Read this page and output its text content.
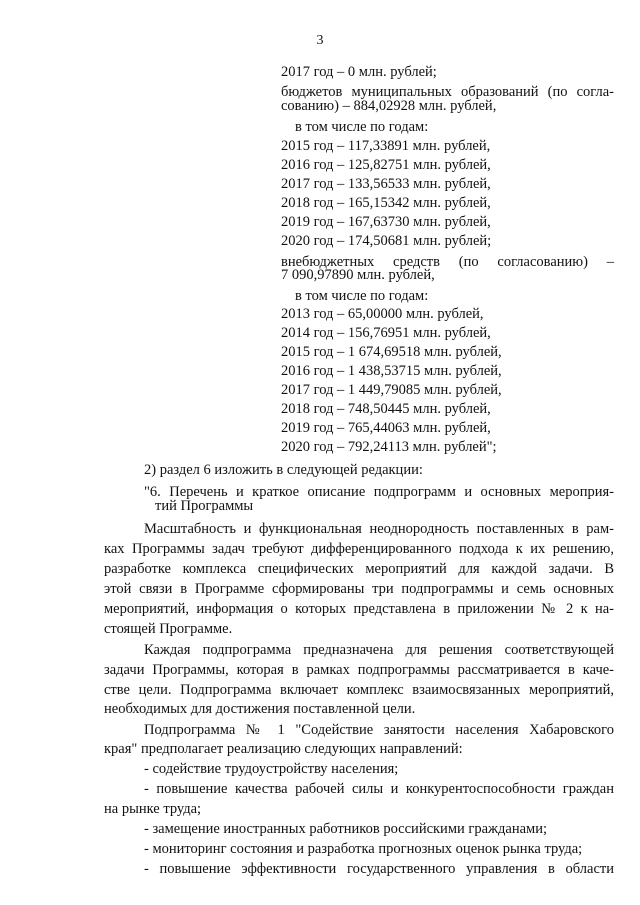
3
2017 год – 0 млн. рублей;
бюджетов муниципальных образований (по согла-
сованию) – 884,02928 млн. рублей,
в том числе по годам:
2015 год – 117,33891 млн. рублей,
2016 год – 125,82751 млн. рублей,
2017 год – 133,56533 млн. рублей,
2018 год – 165,15342 млн. рублей,
2019 год – 167,63730 млн. рублей,
2020 год – 174,50681 млн. рублей;
внебюджетных средств (по согласованию) –
7 090,97890 млн. рублей,
в том числе по годам:
2013 год – 65,00000 млн. рублей,
2014 год – 156,76951 млн. рублей,
2015 год – 1 674,69518 млн. рублей,
2016 год – 1 438,53715 млн. рублей,
2017 год – 1 449,79085 млн. рублей,
2018 год – 748,50445 млн. рублей,
2019 год – 765,44063 млн. рублей,
2020 год – 792,24113 млн. рублей";
2) раздел 6 изложить в следующей редакции:
"6. Перечень и краткое описание подпрограмм и основных мероприя-
тий Программы
Масштабность и функциональная неоднородность поставленных в рам-
ках Программы задач требуют дифференцированного подхода к их решению,
разработке комплекса специфических мероприятий для каждой задачи. В
этой связи в Программе сформированы три подпрограммы и семь основных
мероприятий, информация о которых представлена в приложении № 2 к на-
стоящей Программе.
Каждая подпрограмма предназначена для решения соответствующей
задачи Программы, которая в рамках подпрограммы рассматривается в каче-
стве цели. Подпрограмма включает комплекс взаимосвязанных мероприятий,
необходимых для достижения поставленной цели.
Подпрограмма № 1 "Содействие занятости населения Хабаровского
края" предполагает реализацию следующих направлений:
- содействие трудоустройству населения;
- повышение качества рабочей силы и конкурентоспособности граждан
на рынке труда;
- замещение иностранных работников российскими гражданами;
- мониторинг состояния и разработка прогнозных оценок рынка труда;
- повышение эффективности государственного управления в области
